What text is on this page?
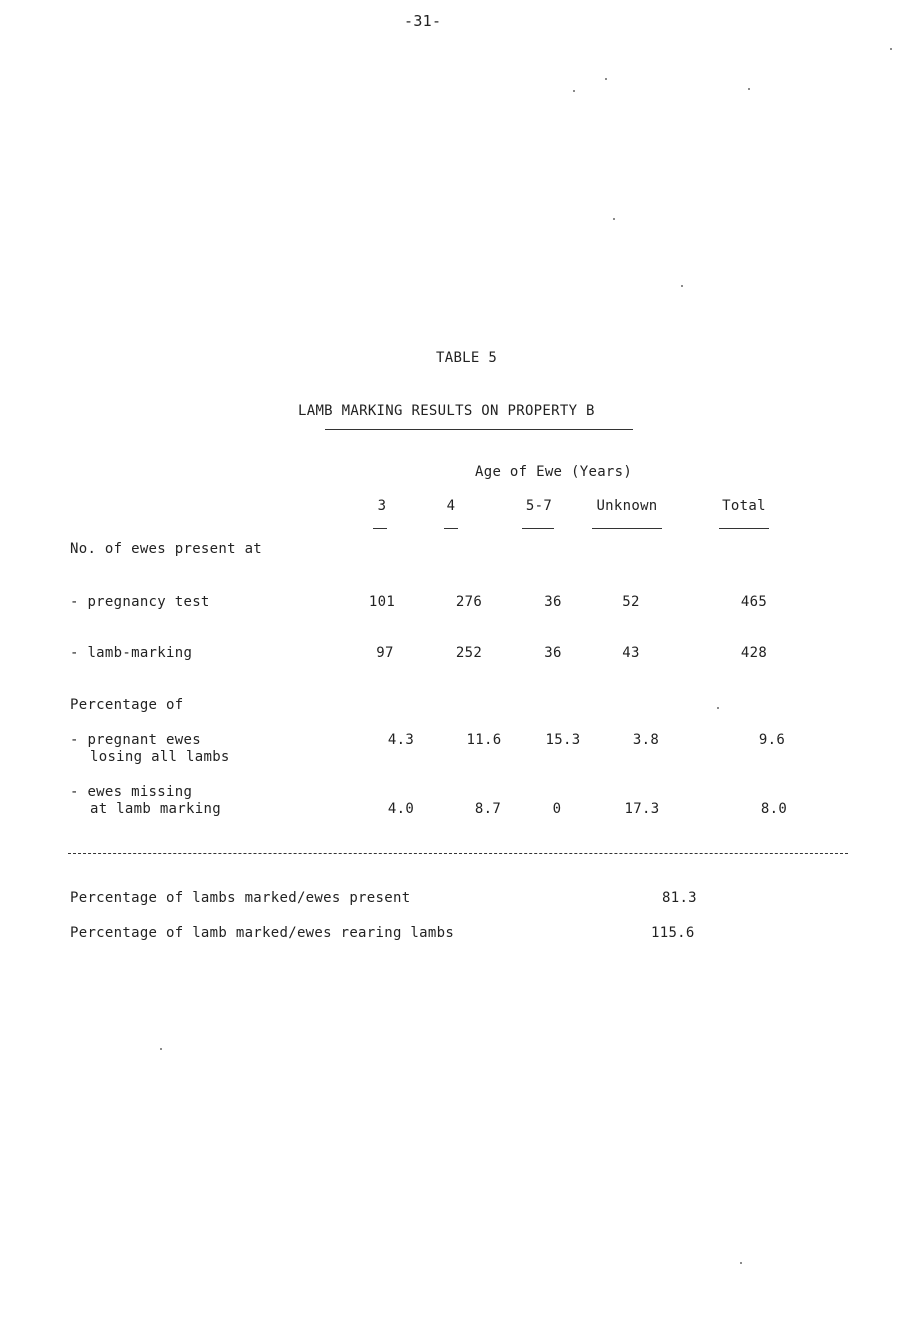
-31-
TABLE 5
LAMB MARKING RESULTS ON PROPERTY B
Age of Ewe (Years)
3	4	5-7	Unknown	Total
No. of ewes present at
- pregnancy test	101	276	36	52	465
- lamb-marking	97	252	36	43	428
Percentage of
- pregnant ewes
losing all lambs
4.3	11.6	15.3	3.8	9.6
- ewes missing
at lamb marking	4.0	8.7	0	17.3	8.0
Percentage of lambs marked/ewes present	81.3
Percentage of lamb marked/ewes rearing lambs	115.6
